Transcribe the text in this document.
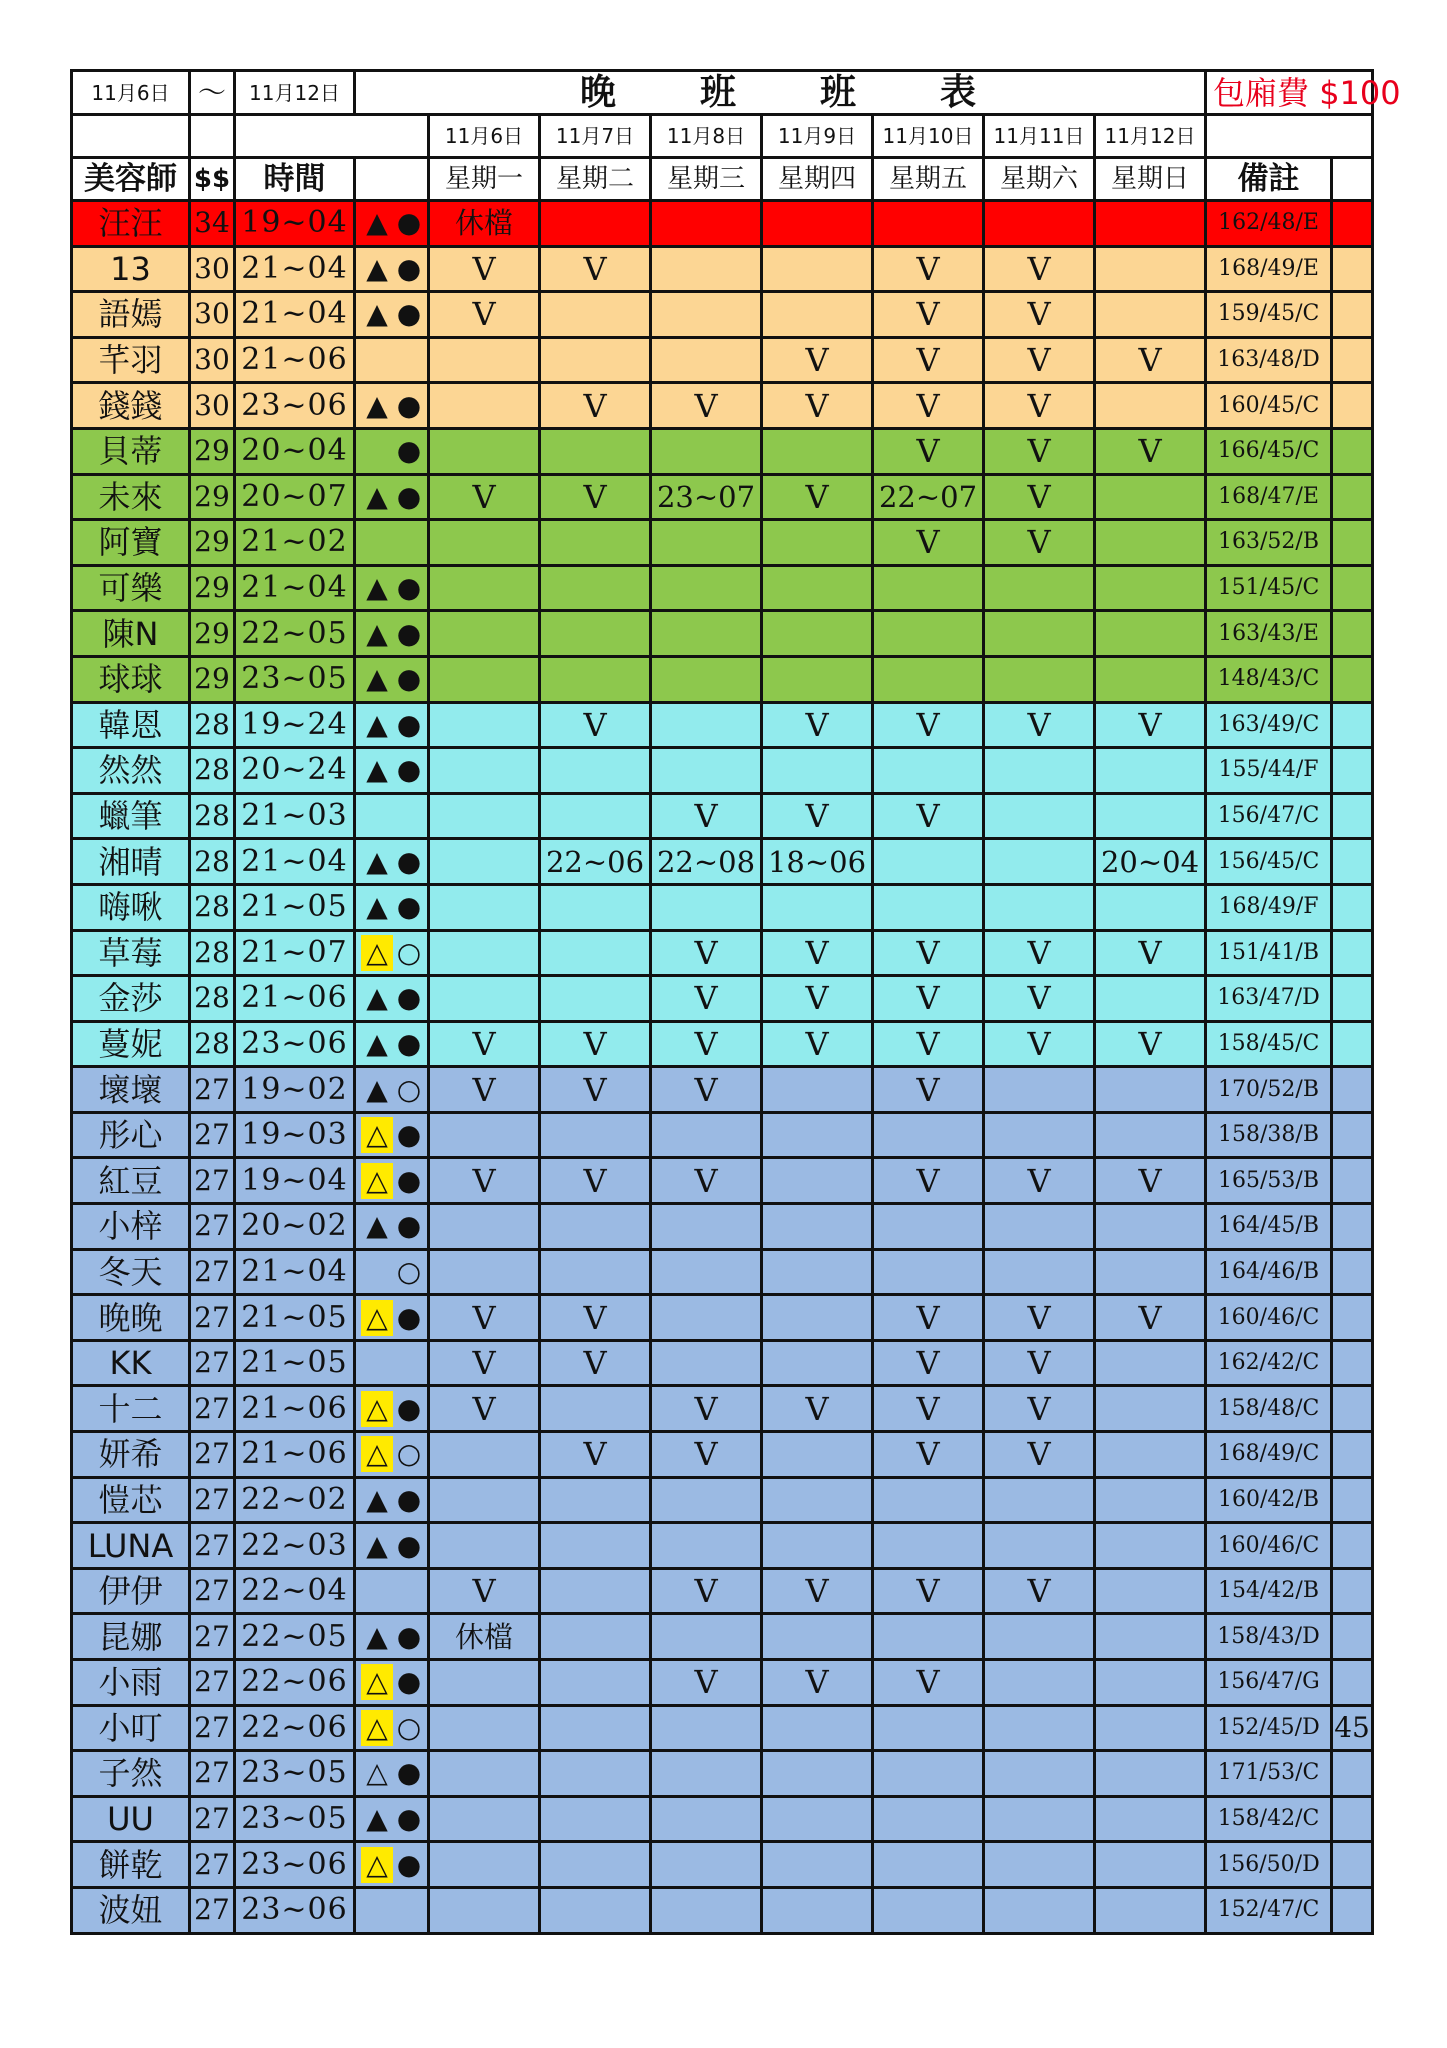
11月6日	～	11月12日	晚　　班　　班　　表								包廂費 $100	
				11月6日	11月7日	11月8日	11月9日	11月10日	11月11日	11月12日		
美容師	$$	時間		星期一	星期二	星期三	星期四	星期五	星期六	星期日	備註	
汪汪	34	19~04	▲ ●	休檔							162/48/E	
13	30	21~04	▲ ●	V	V			V	V		168/49/E	
語嫣	30	21~04	▲ ●	V				V	V		159/45/C	
芊羽	30	21~06					V	V	V	V	163/48/D	
錢錢	30	23~06	▲ ●		V	V	V	V	V		160/45/C	
貝蒂	29	20~04	●					V	V	V	166/45/C	
未來	29	20~07	▲ ●	V	V	23~07	V	22~07	V		168/47/E	
阿寶	29	21~02						V	V		163/52/B	
可樂	29	21~04	▲ ●								151/45/C	
陳N	29	22~05	▲ ●								163/43/E	
球球	29	23~05	▲ ●								148/43/C	
韓恩	28	19~24	▲ ●		V		V	V	V	V	163/49/C	
然然	28	20~24	▲ ●								155/44/F	
蠟筆	28	21~03				V	V	V			156/47/C	
湘晴	28	21~04	▲ ●		22~06	22~08	18~06			20~04	156/45/C	
嗨啾	28	21~05	▲ ●								168/49/F	
草莓	28	21~07	△ ○			V	V	V	V	V	151/41/B	
金莎	28	21~06	▲ ●			V	V	V	V		163/47/D	
蔓妮	28	23~06	▲ ●	V	V	V	V	V	V	V	158/45/C	
壞壞	27	19~02	▲ ○	V	V	V		V			170/52/B	
彤心	27	19~03	△ ●								158/38/B	
紅豆	27	19~04	△ ●	V	V	V		V	V	V	165/53/B	
小梓	27	20~02	▲ ●								164/45/B	
冬天	27	21~04	○								164/46/B	
晚晚	27	21~05	△ ●	V	V			V	V	V	160/46/C	
KK	27	21~05		V	V			V	V		162/42/C	
十二	27	21~06	△ ●	V		V	V	V	V		158/48/C	
妍希	27	21~06	△ ○		V	V		V	V		168/49/C	
愷芯	27	22~02	▲ ●								160/42/B	
LUNA	27	22~03	▲ ●								160/46/C	
伊伊	27	22~04		V		V	V	V	V		154/42/B	
昆娜	27	22~05	▲ ●	休檔							158/43/D	
小雨	27	22~06	△ ●			V	V	V			156/47/G	
小叮	27	22~06	△ ○								152/45/D	45
子然	27	23~05	△ ●								171/53/C	
UU	27	23~05	▲ ●								158/42/C	
餅乾	27	23~06	△ ●								156/50/D	
波妞	27	23~06									152/47/C	
